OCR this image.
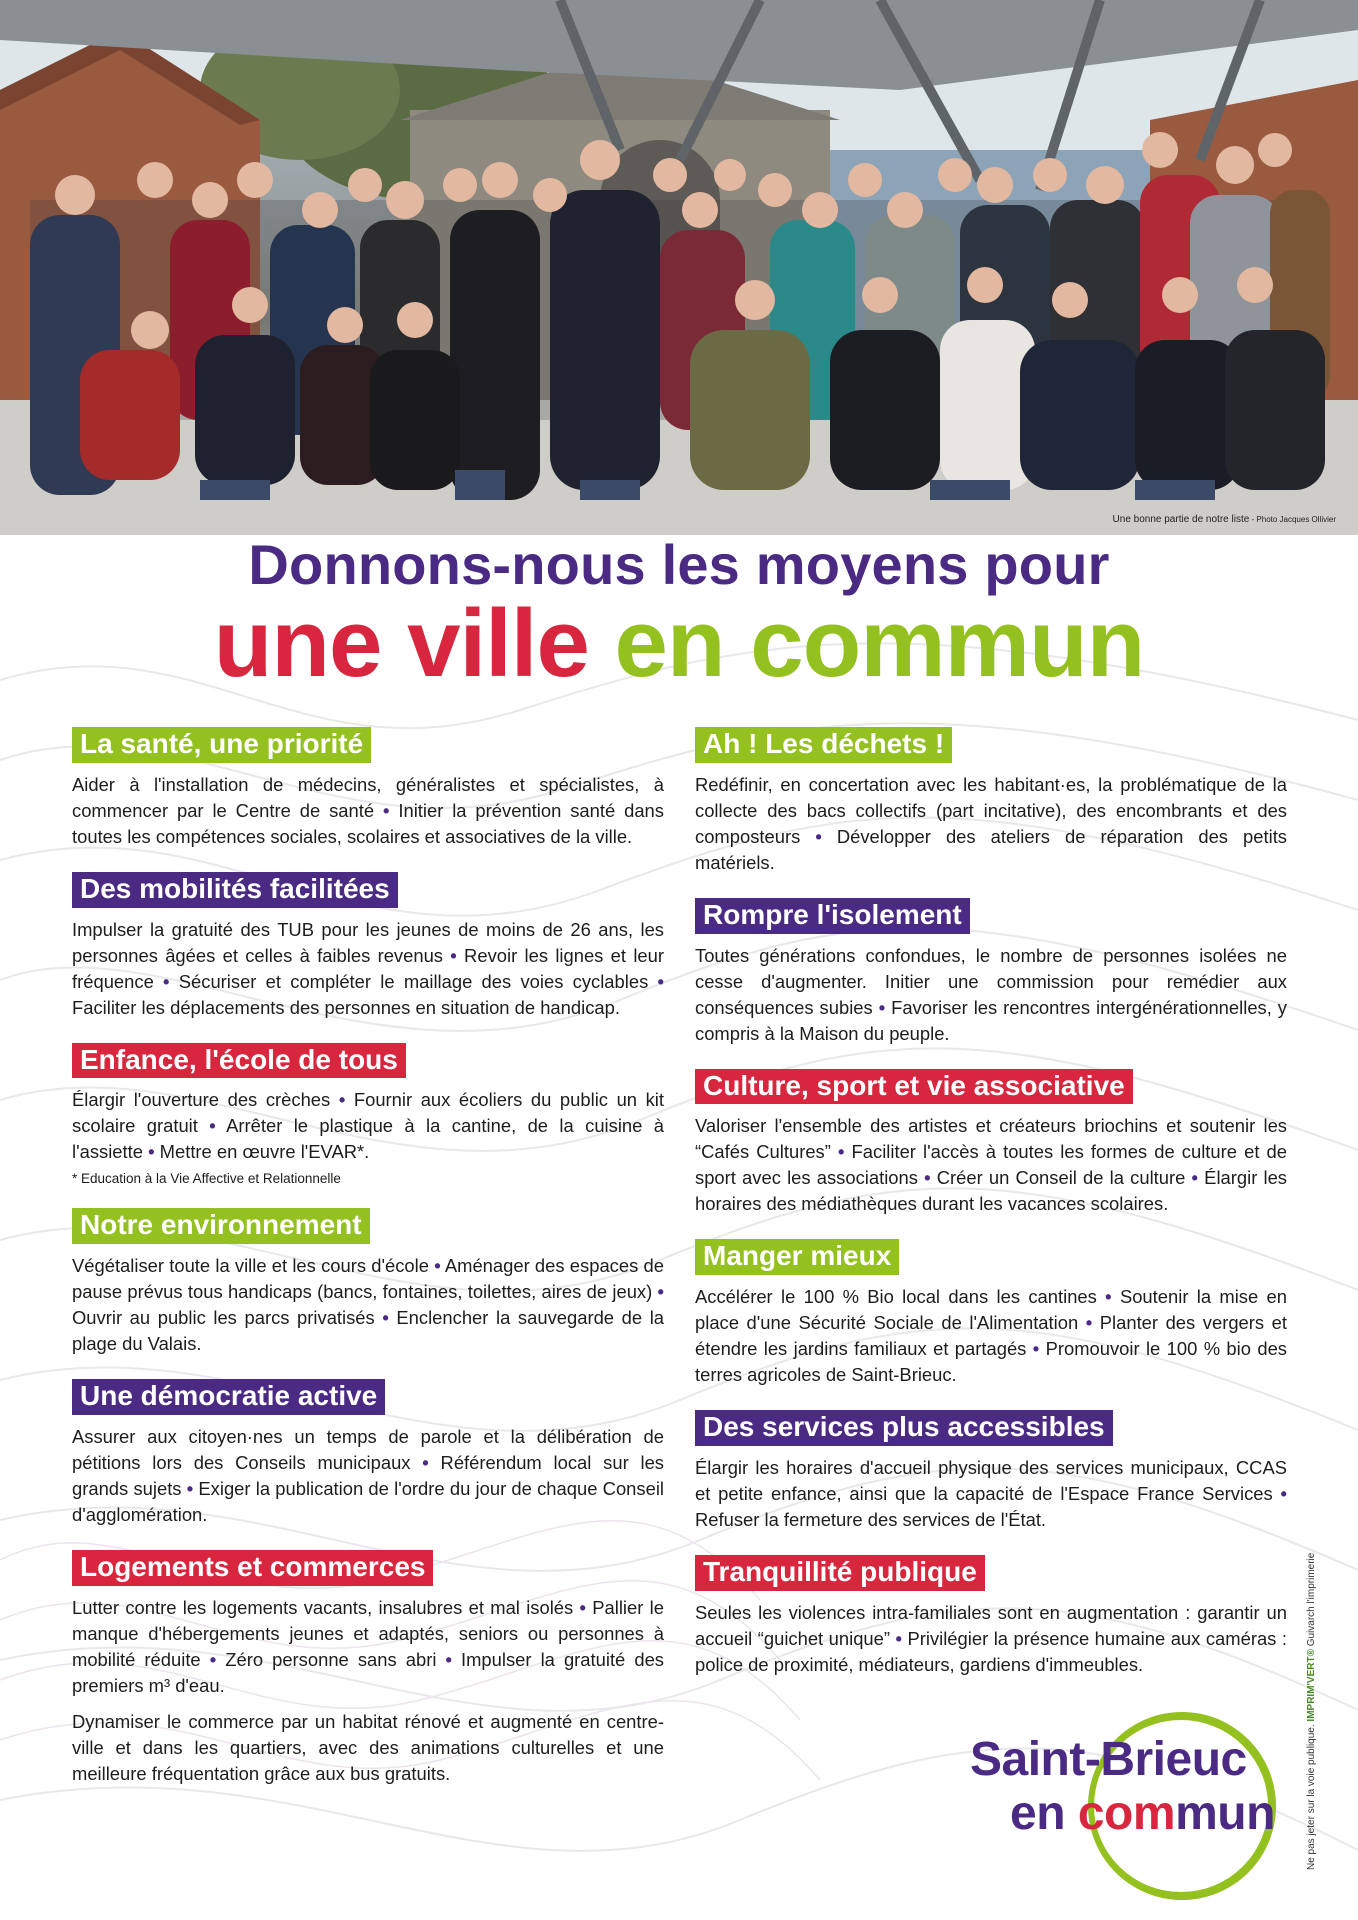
Une bonne partie de notre liste - Photo Jacques Ollivier
Donnons-nous les moyens pour
une ville en commun
La santé, une priorité
Aider à l'installation de médecins, généralistes et spécialistes, à commencer par le Centre de santé • Initier la prévention santé dans toutes les compétences sociales, scolaires et associatives de la ville.
Des mobilités facilitées
Impulser la gratuité des TUB pour les jeunes de moins de 26 ans, les personnes âgées et celles à faibles revenus • Revoir les lignes et leur fréquence • Sécuriser et compléter le maillage des voies cyclables • Faciliter les déplacements des personnes en situation de handicap.
Enfance, l'école de tous
Élargir l'ouverture des crèches • Fournir aux écoliers du public un kit scolaire gratuit • Arrêter le plastique à la cantine, de la cuisine à l'assiette • Mettre en œuvre l'EVAR*.
* Education à la Vie Affective et Relationnelle
Notre environnement
Végétaliser toute la ville et les cours d'école • Aménager des espaces de pause prévus tous handicaps (bancs, fontaines, toilettes, aires de jeux) • Ouvrir au public les parcs privatisés • Enclencher la sauvegarde de la plage du Valais.
Une démocratie active
Assurer aux citoyen·nes un temps de parole et la délibération de pétitions lors des Conseils municipaux • Référendum local sur les grands sujets • Exiger la publication de l'ordre du jour de chaque Conseil d'agglomération.
Logements et commerces
Lutter contre les logements vacants, insalubres et mal isolés • Pallier le manque d'hébergements jeunes et adaptés, seniors ou personnes à mobilité réduite • Zéro personne sans abri • Impulser la gratuité des premiers m³ d'eau.
Dynamiser le commerce par un habitat rénové et augmenté en centre-ville et dans les quartiers, avec des animations culturelles et une meilleure fréquentation grâce aux bus gratuits.
Ah ! Les déchets !
Redéfinir, en concertation avec les habitant·es, la problématique de la collecte des bacs collectifs (part incitative), des encombrants et des composteurs • Développer des ateliers de réparation des petits matériels.
Rompre l'isolement
Toutes générations confondues, le nombre de personnes isolées ne cesse d'augmenter. Initier une commission pour remédier aux conséquences subies • Favoriser les rencontres intergénérationnelles, y compris à la Maison du peuple.
Culture, sport et vie associative
Valoriser l'ensemble des artistes et créateurs briochins et soutenir les “Cafés Cultures” • Faciliter l'accès à toutes les formes de culture et de sport avec les associations • Créer un Conseil de la culture • Élargir les horaires des médiathèques durant les vacances scolaires.
Manger mieux
Accélérer le 100 % Bio local dans les cantines • Soutenir la mise en place d'une Sécurité Sociale de l'Alimentation • Planter des vergers et étendre les jardins familiaux et partagés • Promouvoir le 100 % bio des terres agricoles de Saint-Brieuc.
Des services plus accessibles
Élargir les horaires d'accueil physique des services municipaux, CCAS et petite enfance, ainsi que la capacité de l'Espace France Services • Refuser la fermeture des services de l'État.
Tranquillité publique
Seules les violences intra-familiales sont en augmentation : garantir un accueil “guichet unique” • Privilégier la présence humaine aux caméras : police de proximité, médiateurs, gardiens d'immeubles.
Saint-Brieuc
en commun	Ne pas jeter sur la voie publique. IMPRIM'VERT® Guivarch l'imprimerie
